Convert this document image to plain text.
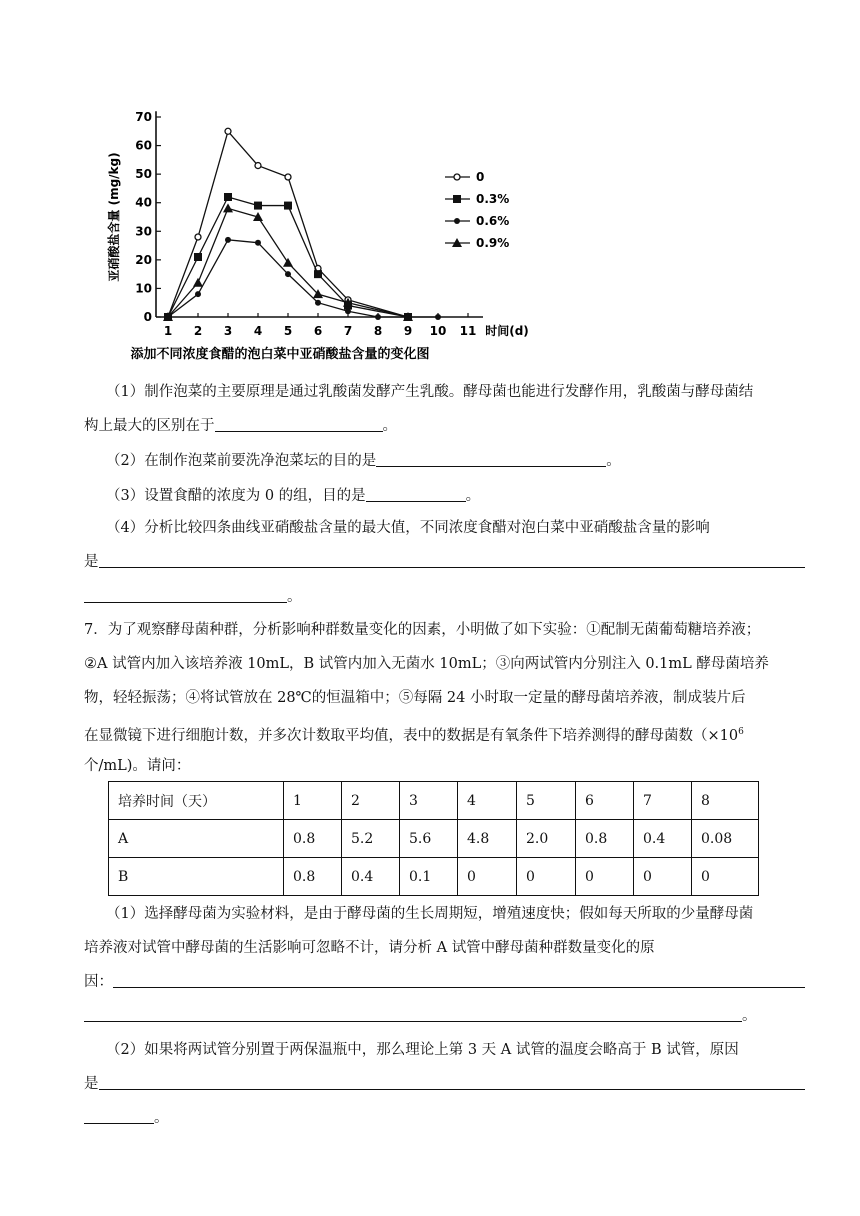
0
10
20
30
40
50
60
70
1 2 3 4 5 6 7 8 9 10 11 时间(d)
亚硝酸盐含量 (mg/kg)
添加不同浓度食醋的泡白菜中亚硝酸盐含量的变化图
0
0.3%
0.6%
0.9%
（1）制作泡菜的主要原理是通过乳酸菌发酵产生乳酸。酵母菌也能进行发酵作用，乳酸菌与酵母菌结
构上最大的区别在于	。
（2）在制作泡菜前要洗净泡菜坛的目的是	。
（3）设置食醋的浓度为 0 的组，目的是	。
（4）分析比较四条曲线亚硝酸盐含量的最大值，不同浓度食醋对泡白菜中亚硝酸盐含量的影响
是
。
7．为了观察酵母菌种群，分析影响种群数量变化的因素，小明做了如下实验：①配制无菌葡萄糖培养液；
②A 试管内加入该培养液 10mL，B 试管内加入无菌水 10mL；③向两试管内分别注入 0.1mL 酵母菌培养
物，轻轻振荡；④将试管放在 28℃的恒温箱中；⑤每隔 24 小时取一定量的酵母菌培养液，制成装片后
在显微镜下进行细胞计数，并多次计数取平均值，表中的数据是有氧条件下培养测得的酵母菌数（$\times 10^6$
个/mL)。请问：
培养时间（天）	1	2	3	4	5	6	7	8
A	0.8	5.2	5.6	4.8	2.0	0.8	0.4	0.08
B	0.8	0.4	0.1	0	0	0	0	0
（1）选择酵母菌为实验材料，是由于酵母菌的生长周期短，增殖速度快；假如每天所取的少量酵母菌
培养液对试管中酵母菌的生活影响可忽略不计，请分析 A 试管中酵母菌种群数量变化的原
因：
。
（2）如果将两试管分别置于两保温瓶中，那么理论上第 3 天 A 试管的温度会略高于 B 试管，原因
是
。
